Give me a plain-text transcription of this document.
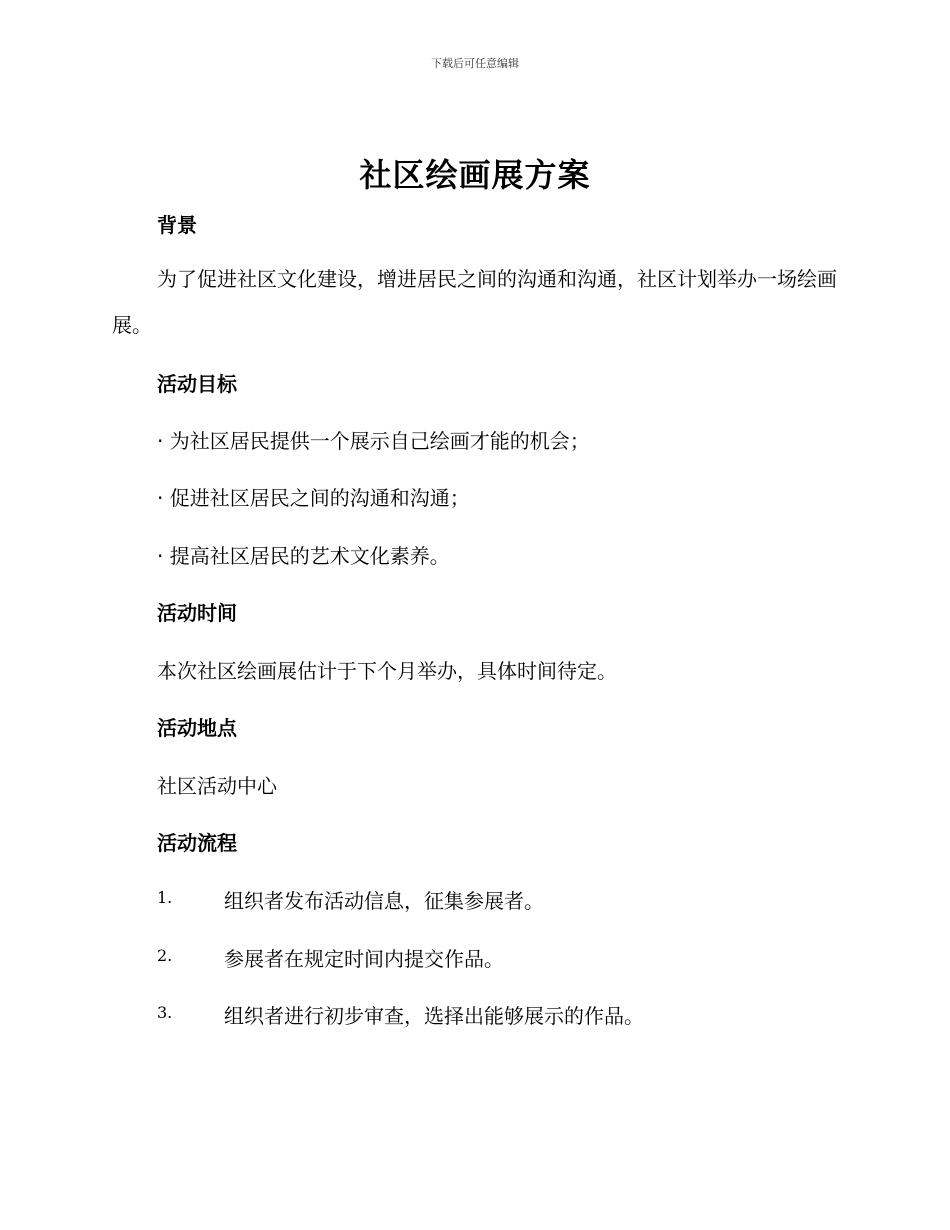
下载后可任意编辑
社区绘画展方案
背景
为了促进社区文化建设，增进居民之间的沟通和沟通，社区计划举办一场绘画展。
活动目标
· 为社区居民提供一个展示自己绘画才能的机会；
· 促进社区居民之间的沟通和沟通；
· 提高社区居民的艺术文化素养。
活动时间
本次社区绘画展估计于下个月举办，具体时间待定。
活动地点
社区活动中心
活动流程
1.	组织者发布活动信息，征集参展者。
2.	参展者在规定时间内提交作品。
3.	组织者进行初步审查，选择出能够展示的作品。
